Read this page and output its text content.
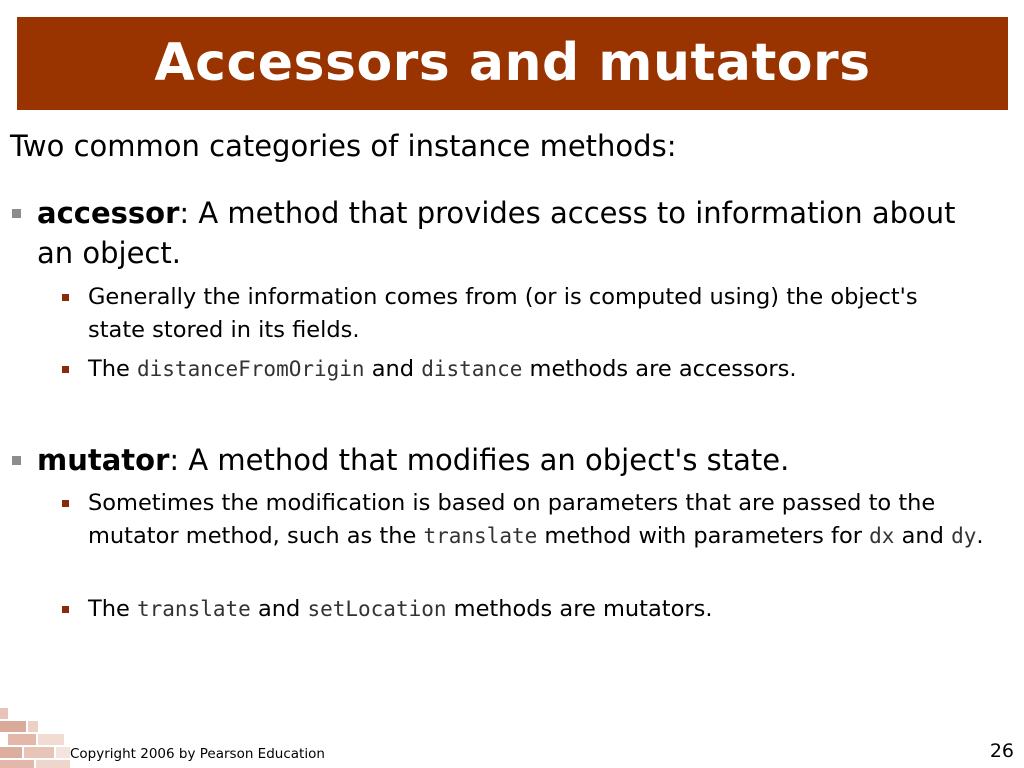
Accessors and mutators
Two common categories of instance methods:
accessor: A method that provides access to information about an object.
Generally the information comes from (or is computed using) the object's state stored in its fields.
The distanceFromOrigin and distance methods are accessors.
mutator: A method that modifies an object's state.
Sometimes the modification is based on parameters that are passed to the mutator method, such as the translate method with parameters for dx and dy.
The translate and setLocation methods are mutators.
Copyright 2006 by Pearson Education	26
